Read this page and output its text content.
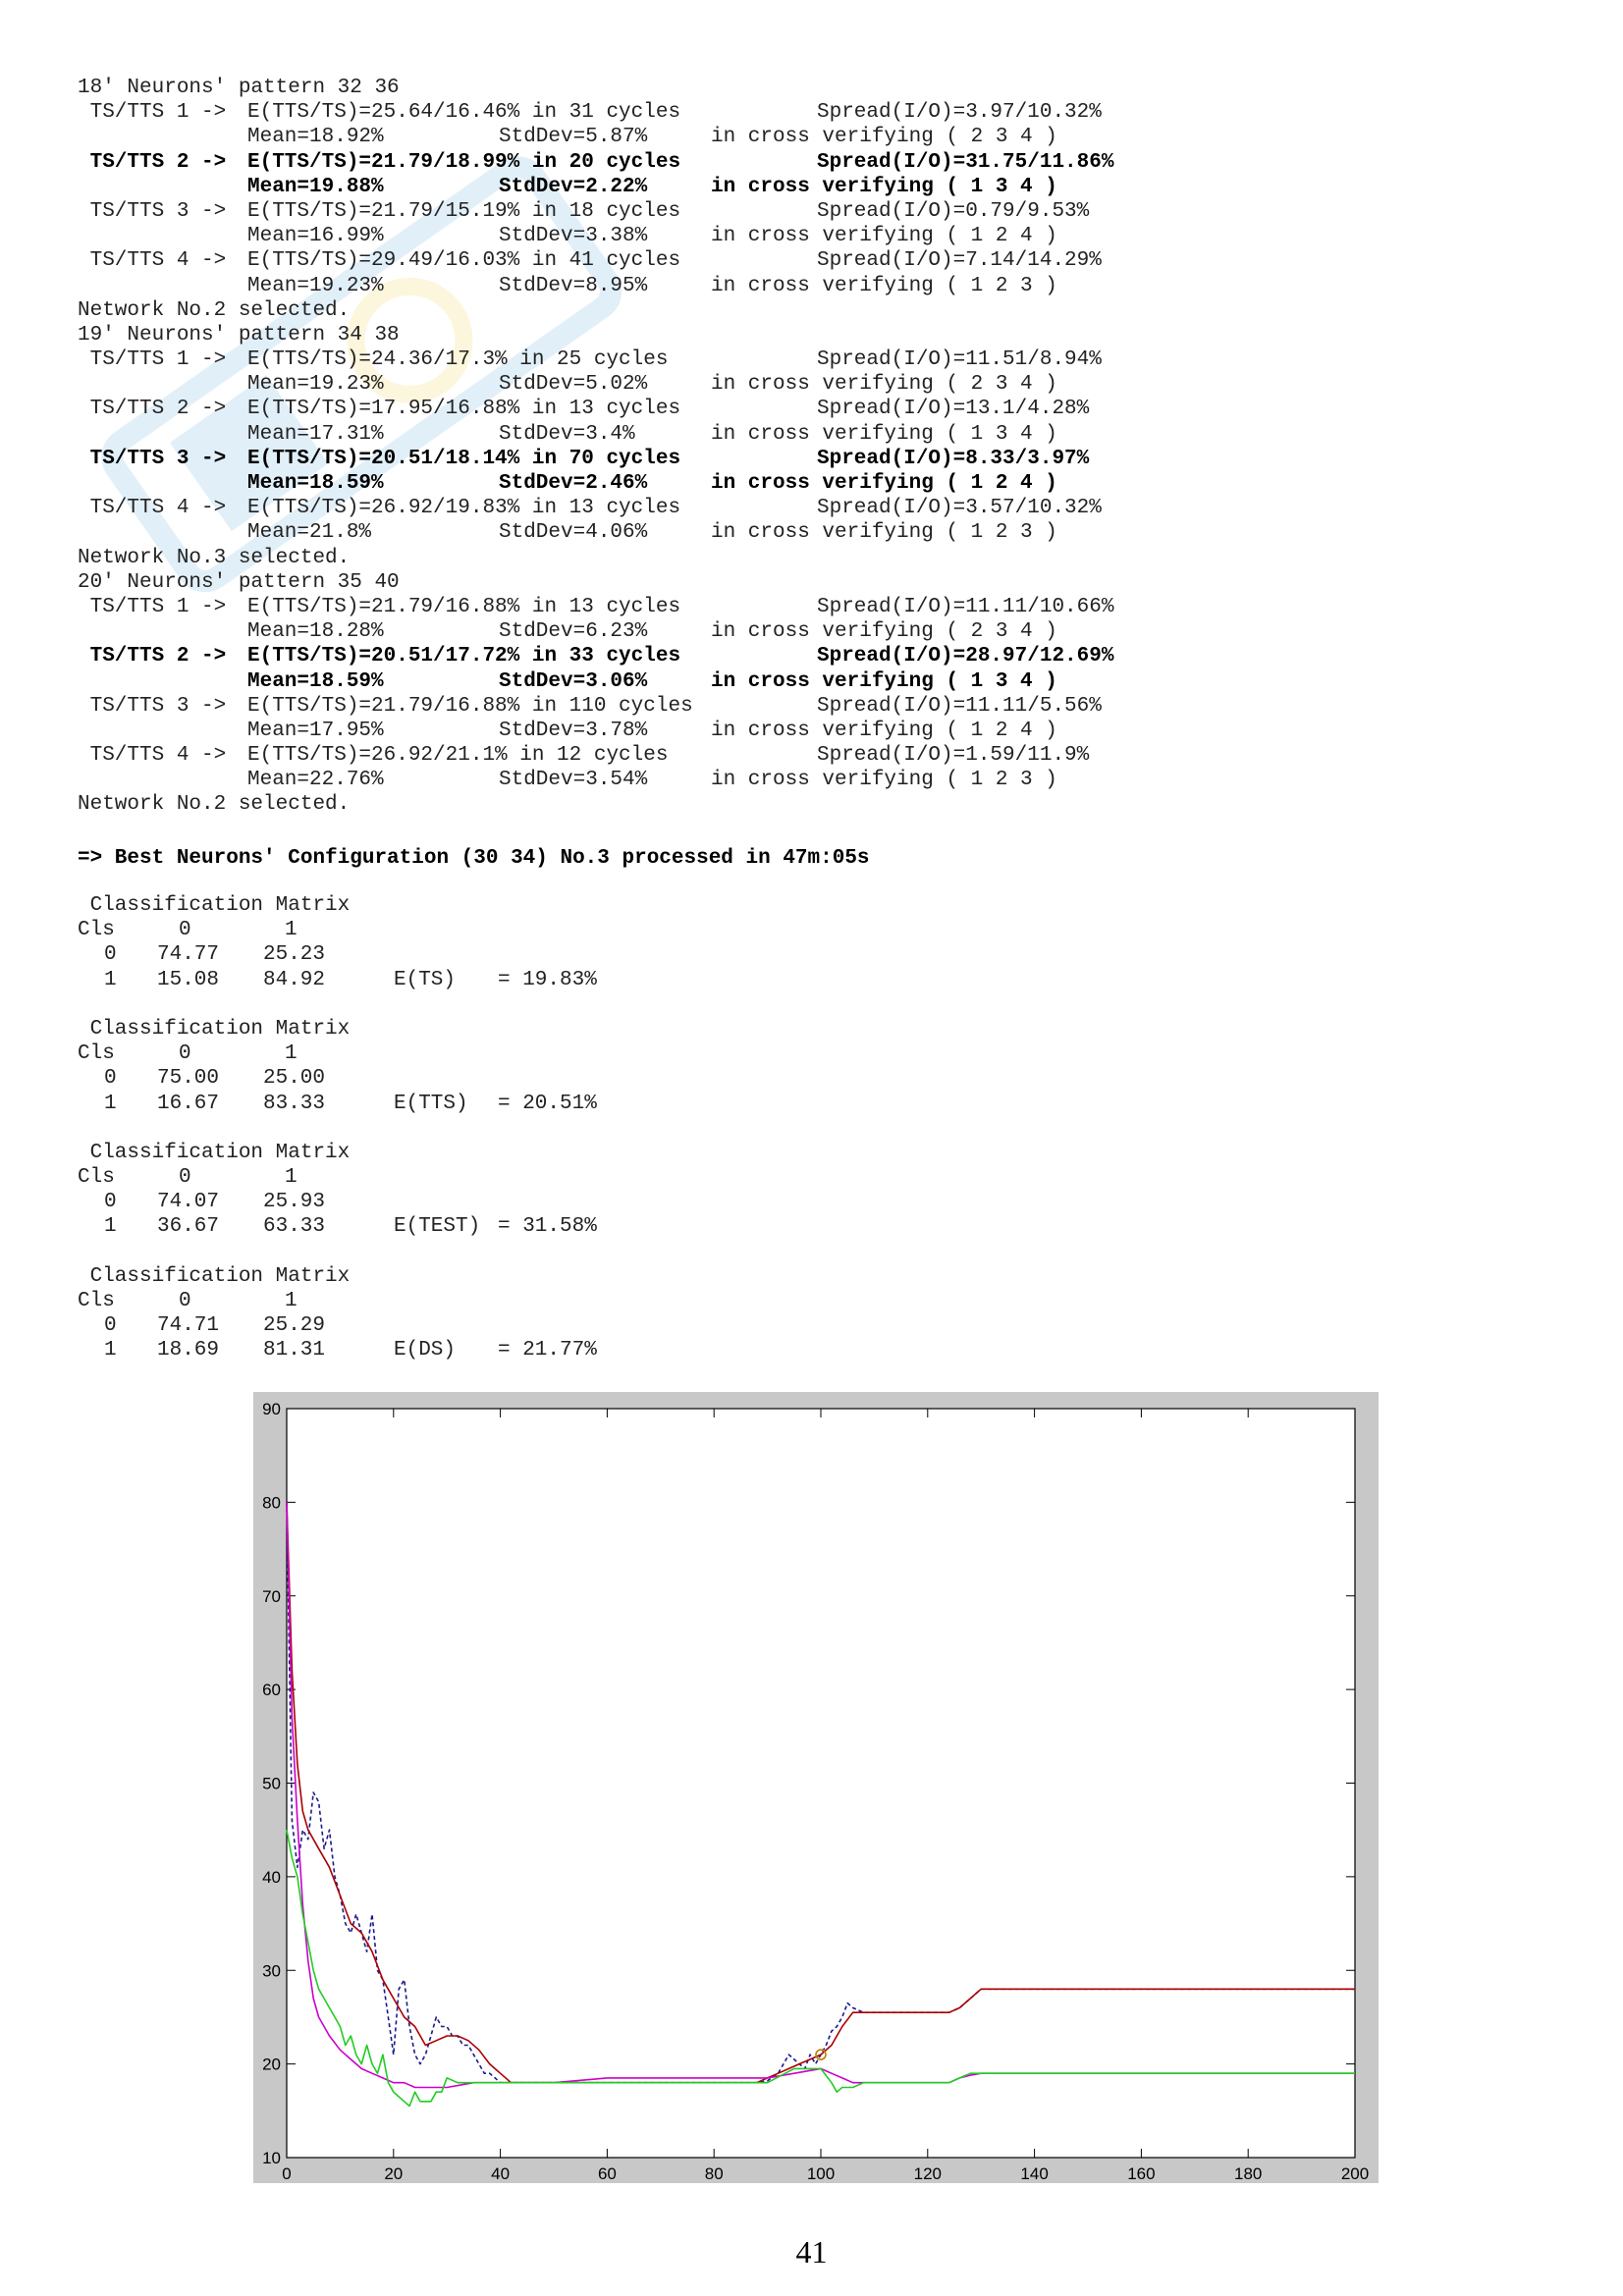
18' Neurons' pattern 32 36
TS/TTS 1 -> E(TTS/TS)=25.64/16.46% in 31 cycles	Spread(I/O)=3.97/10.32%
Mean=18.92%	StdDev=5.87%	in cross verifying ( 2 3 4 )
TS/TTS 2 -> E(TTS/TS)=21.79/18.99% in 20 cycles	Spread(I/O)=31.75/11.86%
Mean=19.88%	StdDev=2.22%	in cross verifying ( 1 3 4 )
TS/TTS 3 -> E(TTS/TS)=21.79/15.19% in 18 cycles	Spread(I/O)=0.79/9.53%
Mean=16.99%	StdDev=3.38%	in cross verifying ( 1 2 4 )
TS/TTS 4 -> E(TTS/TS)=29.49/16.03% in 41 cycles	Spread(I/O)=7.14/14.29%
Mean=19.23%	StdDev=8.95%	in cross verifying ( 1 2 3 )
Network No.2 selected.
19' Neurons' pattern 34 38
TS/TTS 1 -> E(TTS/TS)=24.36/17.3% in 25 cycles	Spread(I/O)=11.51/8.94%
Mean=19.23%	StdDev=5.02%	in cross verifying ( 2 3 4 )
TS/TTS 2 -> E(TTS/TS)=17.95/16.88% in 13 cycles	Spread(I/O)=13.1/4.28%
Mean=17.31%	StdDev=3.4%	in cross verifying ( 1 3 4 )
TS/TTS 3 -> E(TTS/TS)=20.51/18.14% in 70 cycles	Spread(I/O)=8.33/3.97%
Mean=18.59%	StdDev=2.46%	in cross verifying ( 1 2 4 )
TS/TTS 4 -> E(TTS/TS)=26.92/19.83% in 13 cycles	Spread(I/O)=3.57/10.32%
Mean=21.8%	StdDev=4.06%	in cross verifying ( 1 2 3 )
Network No.3 selected.
20' Neurons' pattern 35 40
TS/TTS 1 -> E(TTS/TS)=21.79/16.88% in 13 cycles	Spread(I/O)=11.11/10.66%
Mean=18.28%	StdDev=6.23%	in cross verifying ( 2 3 4 )
TS/TTS 2 -> E(TTS/TS)=20.51/17.72% in 33 cycles	Spread(I/O)=28.97/12.69%
Mean=18.59%	StdDev=3.06%	in cross verifying ( 1 3 4 )
TS/TTS 3 -> E(TTS/TS)=21.79/16.88% in 110 cycles	Spread(I/O)=11.11/5.56%
Mean=17.95%	StdDev=3.78%	in cross verifying ( 1 2 4 )
TS/TTS 4 -> E(TTS/TS)=26.92/21.1% in 12 cycles	Spread(I/O)=1.59/11.9%
Mean=22.76%	StdDev=3.54%	in cross verifying ( 1 2 3 )
Network No.2 selected.
=> Best Neurons' Configuration (30 34) No.3 processed in 47m:05s
Classification Matrix
Cls	0	1
0 74.77 25.23
1 15.08 84.92	E(TS) = 19.83%
Classification Matrix
Cls	0	1
0 75.00 25.00
1 16.67 83.33	E(TTS) = 20.51%
Classification Matrix
Cls	0	1
0 74.07 25.93
1 36.67 63.33	E(TEST) = 31.58%
Classification Matrix
Cls	0	1
0 74.71 25.29
1 18.69 81.31	E(DS) = 21.77%
0	20	40	60	80	100	120	140	160	180	200
10
20
30
40
50
60
70
80
90
41
